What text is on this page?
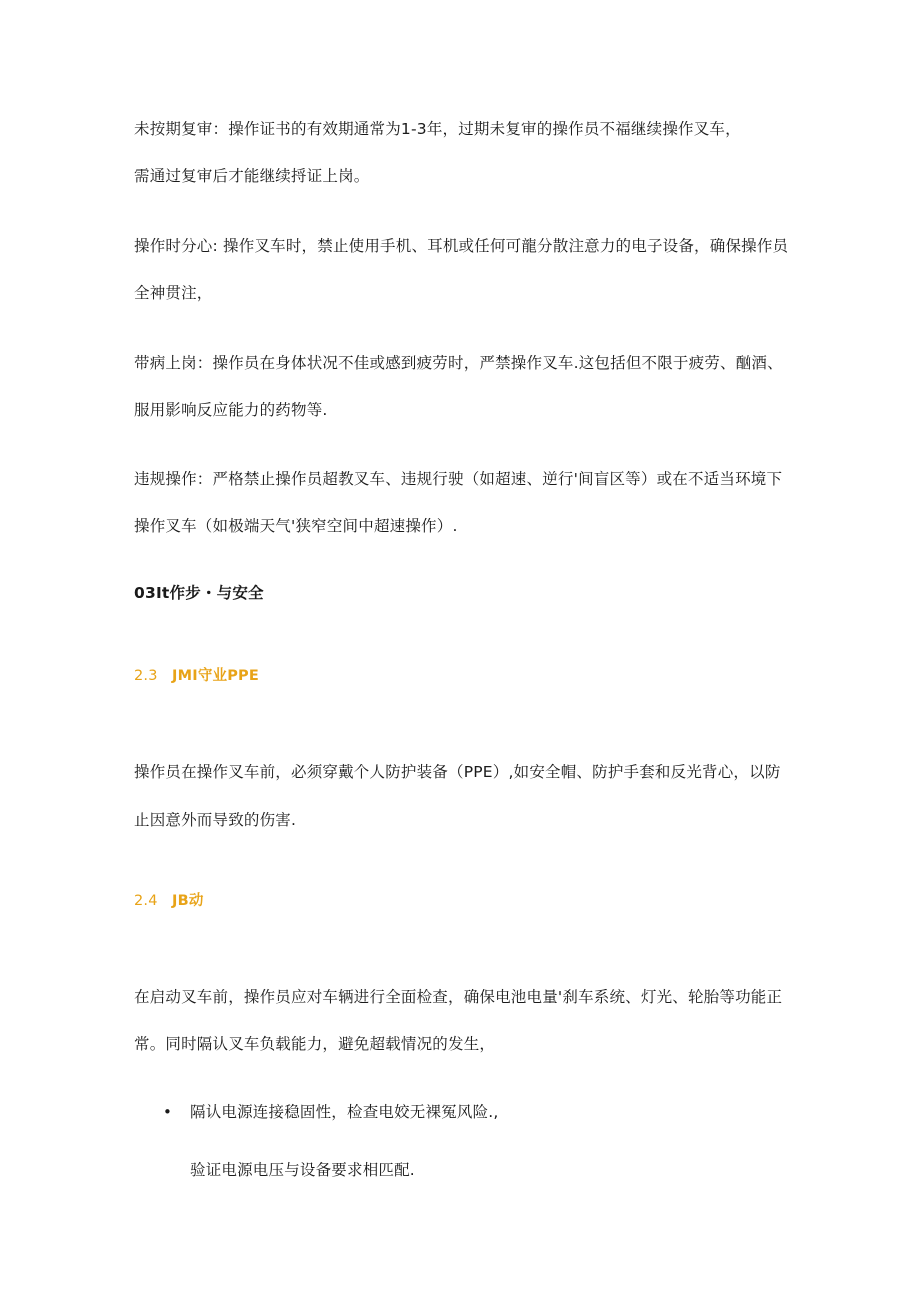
未按期复审：操作证书的有效期通常为1-3年，过期未复审的操作员不福继续操作叉车，
需通过复审后才能继续捋证上岗。
操作时分心: 操作叉车时，禁止使用手机、耳机或任何可龍分散注意力的电子设备，确保操作员
全神贯注，
带病上岗：操作员在身体状况不佳或感到疲劳时，严禁操作叉车.这包括但不限于疲劳、酗酒、
服用影响反应能力的药物等.
违规操作：严格禁止操作员超教叉车、违规行驶（如超速、逆行'间盲区等）或在不适当环境下
操作叉车（如极端天气'狭窄空间中超速操作）.
03It作步・与安全
2.3 JMI守业PPE
操作员在操作叉车前，必须穿戴个人防护装备（PPE）,如安全帽、防护手套和反光背心，以防
止因意外而导致的伤害.
2.4 JB动
在启动叉车前，操作员应对车辆进行全面检查，确保电池电量'刹车系统、灯光、轮胎等功能正
常。同时隔认叉车负载能力，避免超载情况的发生，
• 隔认电源连接稳固性，检查电姣无裸冤风险.,
验证电源电压与设备要求相匹配.
